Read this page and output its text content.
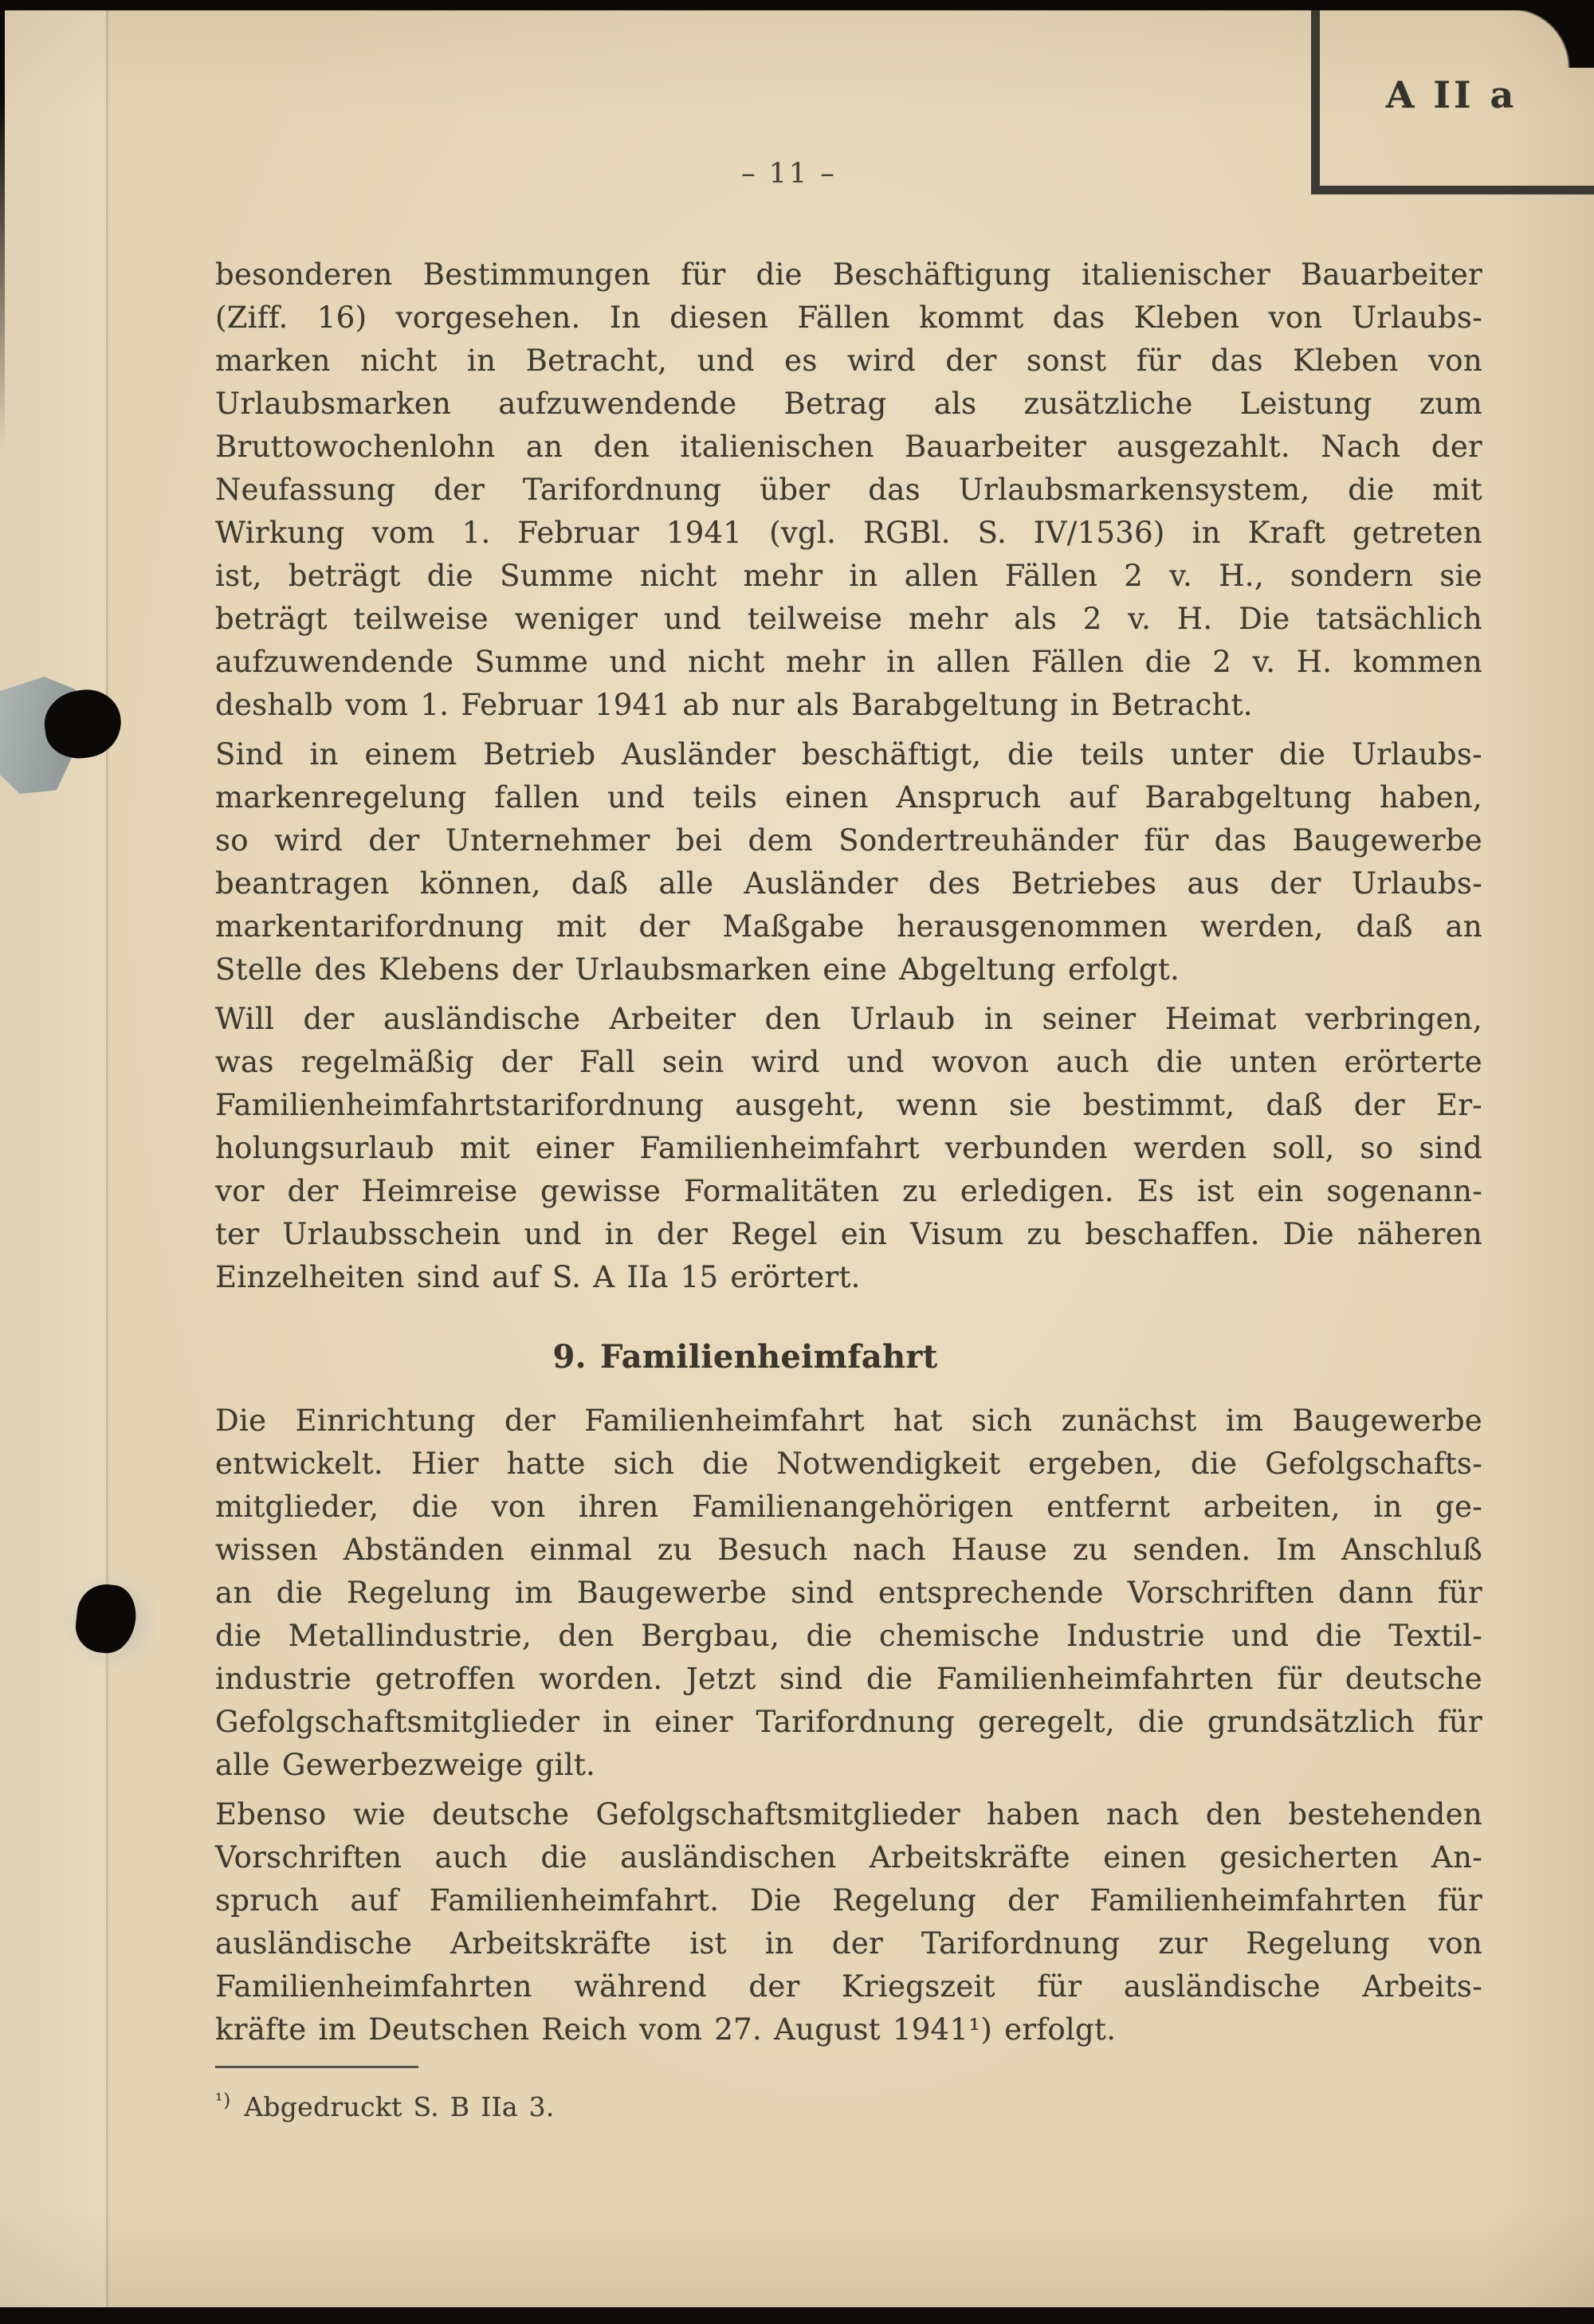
A II a
– 11 –
besonderen Bestimmungen für die Beschäftigung italienischer Bauarbeiter
(Ziff. 16) vorgesehen. In diesen Fällen kommt das Kleben von Urlaubs-
marken nicht in Betracht, und es wird der sonst für das Kleben von
Urlaubsmarken aufzuwendende Betrag als zusätzliche Leistung zum
Bruttowochenlohn an den italienischen Bauarbeiter ausgezahlt. Nach der
Neufassung der Tarifordnung über das Urlaubsmarkensystem, die mit
Wirkung vom 1. Februar 1941 (vgl. RGBl. S. IV/1536) in Kraft getreten
ist, beträgt die Summe nicht mehr in allen Fällen 2 v. H., sondern sie
beträgt teilweise weniger und teilweise mehr als 2 v. H. Die tatsächlich
aufzuwendende Summe und nicht mehr in allen Fällen die 2 v. H. kommen
deshalb vom 1. Februar 1941 ab nur als Barabgeltung in Betracht.
Sind in einem Betrieb Ausländer beschäftigt, die teils unter die Urlaubs-
markenregelung fallen und teils einen Anspruch auf Barabgeltung haben,
so wird der Unternehmer bei dem Sondertreuhänder für das Baugewerbe
beantragen können, daß alle Ausländer des Betriebes aus der Urlaubs-
markentarifordnung mit der Maßgabe herausgenommen werden, daß an
Stelle des Klebens der Urlaubsmarken eine Abgeltung erfolgt.
Will der ausländische Arbeiter den Urlaub in seiner Heimat verbringen,
was regelmäßig der Fall sein wird und wovon auch die unten erörterte
Familienheimfahrtstarifordnung ausgeht, wenn sie bestimmt, daß der Er-
holungsurlaub mit einer Familienheimfahrt verbunden werden soll, so sind
vor der Heimreise gewisse Formalitäten zu erledigen. Es ist ein sogenann-
ter Urlaubsschein und in der Regel ein Visum zu beschaffen. Die näheren
Einzelheiten sind auf S. A IIa 15 erörtert.
9. Familienheimfahrt
Die Einrichtung der Familienheimfahrt hat sich zunächst im Baugewerbe
entwickelt. Hier hatte sich die Notwendigkeit ergeben, die Gefolgschafts-
mitglieder, die von ihren Familienangehörigen entfernt arbeiten, in ge-
wissen Abständen einmal zu Besuch nach Hause zu senden. Im Anschluß
an die Regelung im Baugewerbe sind entsprechende Vorschriften dann für
die Metallindustrie, den Bergbau, die chemische Industrie und die Textil-
industrie getroffen worden. Jetzt sind die Familienheimfahrten für deutsche
Gefolgschaftsmitglieder in einer Tarifordnung geregelt, die grundsätzlich für
alle Gewerbezweige gilt.
Ebenso wie deutsche Gefolgschaftsmitglieder haben nach den bestehenden
Vorschriften auch die ausländischen Arbeitskräfte einen gesicherten An-
spruch auf Familienheimfahrt. Die Regelung der Familienheimfahrten für
ausländische Arbeitskräfte ist in der Tarifordnung zur Regelung von
Familienheimfahrten während der Kriegszeit für ausländische Arbeits-
kräfte im Deutschen Reich vom 27. August 1941¹) erfolgt.
$^{^1)}$ Abgedruckt S. B IIa 3.
